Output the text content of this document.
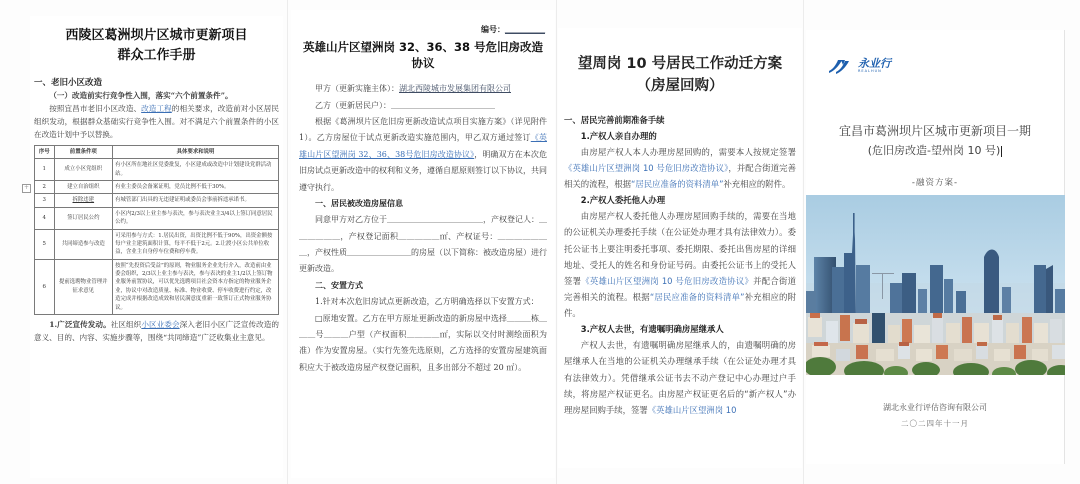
+
西陵区葛洲坝片区城市更新项目
群众工作手册
一、老旧小区改造

（一）改造前实行竞争性入围，落实“六个前置条件”。

按照宜昌市老旧小区改造、改造工程的相关要求，改造前对小区居民组织发动，根据群众基础实行竞争性入围。对不满足六个前置条件的小区在改造计划中予以替换。

序号	前置条件项	具体要求和说明
1	成立小区党组织	有小区所在地社区党委批复，小区建成或改造中计划建设党群活动站。
2	建立自治组织	有业主委员会备案证明，党员比例不低于30%。
3	拆除违建	有城管部门出具的无违建证明或委员会事前拆违承诺书。
4	签订居民公约	小区内2/3以上业主参与表决，参与表决业主3/4以上签订同意居民公约。
5	共同缔造参与改造	可采用参与方式：1.居民出资，出资比例不低于90%，出资金额按每户业主建筑面积计算，每平不低于2元。2.让渡小区公共单位收益，含业主自身停车位费和停车费。
6	提前选聘物业管理并征求意见	按照“先投资后受益”的原则，物业服务企业先行介入，改造前由业委会组织，2/3以上业主参与表决，参与表决的业主1/2以上签订物业服务前置协议，可以优先选聘项目社会资本方指定的物业服务企业，协议中对改造质量、标准、物业收费、停车收费进行约定，改造完成并根据改造成效和居民满意度重新一致签订正式物业服务协议。

1.广泛宣传发动。社区组织小区业委会深入老旧小区广泛宣传改造的意义、目的、内容、实施步骤等，围绕“共同缔造”广泛收集业主意见。

编号：＿＿＿＿＿
英雄山片区望洲岗 32、36、38 号危旧房改造协议

甲方（更新实施主体）：湖北西陵城市发展集团有限公司

乙方（更新居民户）：＿＿＿＿＿＿＿＿＿＿＿＿＿

根据《葛洲坝片区危旧房更新改造试点项目实施方案》（详见附件 1）。乙方房屋位于试点更新改造实施范围内，甲乙双方通过签订《英雄山片区望洲岗 32、36、38号危旧房改造协议》，明确双方在本次危旧房试点更新改造中的权利和义务，遵循自愿原则签订以下协议，共同遵守执行。

一、居民被改造房屋信息

同意甲方对乙方位于＿＿＿＿＿＿＿＿＿＿＿＿，产权登记人：＿＿＿＿＿＿，产权登记面积＿＿＿＿＿㎡、产权证号：＿＿＿＿＿＿＿，产权性质＿＿＿＿＿＿＿＿的房屋（以下简称：被改造房屋）进行更新改造。

二、安置方式

1.针对本次危旧房试点更新改造，乙方明确选择以下安置方式：

□原地安置。乙方在甲方原址更新改造的新房屋中选择＿＿＿栋＿＿＿号＿＿＿户型（产权面积＿＿＿＿㎡，实际以交付时测绘面积为准）作为安置房屋。（实行先签先选原则，乙方选择的安置房屋建筑面积应大于被改造房屋产权登记面积，且多出部分不超过 20 ㎡）。

望周岗 10 号居民工作动迁方案
（房屋回购）

一、居民完善前期准备手续

1.产权人亲自办理的

由房屋产权人本人办理房屋回购的，需要本人按规定签署《英雄山片区望洲岗 10 号危旧房改造协议》，并配合街道完善相关的流程，根据“居民应准备的资料清单”补充相应的附件。

2.产权人委托他人办理

由房屋产权人委托他人办理房屋回购手续的，需要在当地的公证机关办理委托手续（在公证处办理才具有法律效力）。委托公证书上要注明委托事项、委托期限、委托出售房屋的详细地址、受托人的姓名和身份证号码。由委托公证书上的受托人签署《英雄山片区望洲岗 10 号危旧房改造协议》并配合街道完善相关的流程。根据“居民应准备的资料清单”补充相应的附件。

3.产权人去世，有遗嘱明确房屋继承人

产权人去世，有遗嘱明确房屋继承人的，由遗嘱明确的房屋继承人在当地的公证机关办理继承手续（在公证处办理才具有法律效力）。凭借继承公证书去不动产登记中心办理过户手续，将房屋产权证更名。由房屋产权证更名后的“新产权人”办理房屋回购手续，签署《英雄山片区望洲岗 10

永业行
REALHUN
宜昌市葛洲坝片区城市更新项目一期
(危旧房改造-望州岗 10 号)
-融资方案-
湖北永业行评估咨询有限公司
二〇二四年十一月
